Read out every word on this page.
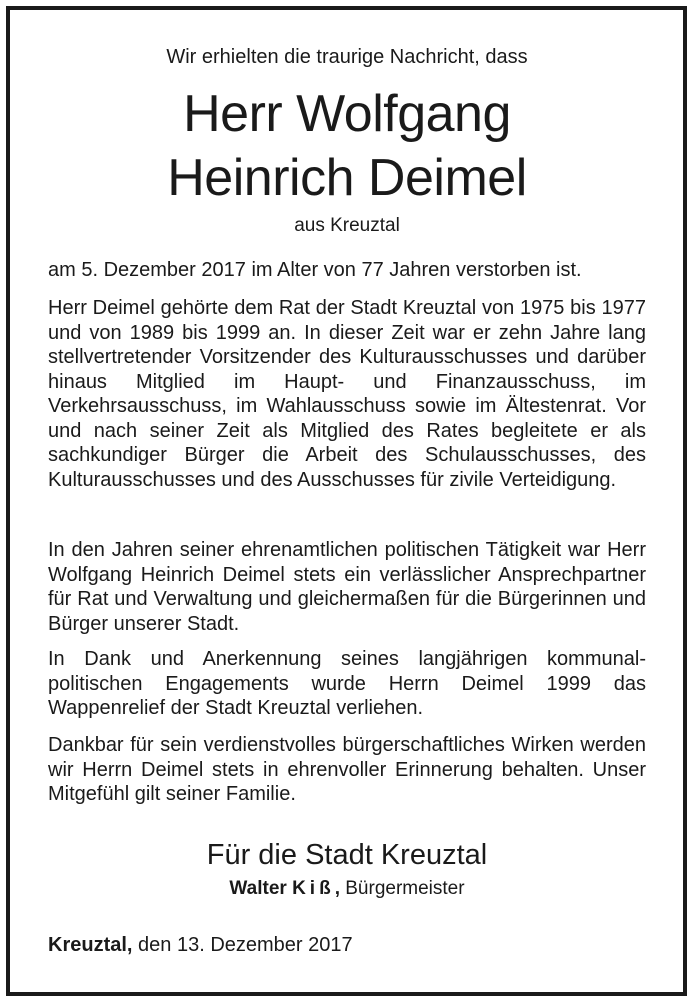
Wir erhielten die traurige Nachricht, dass
Herr Wolfgang
Heinrich Deimel
aus Kreuztal

am 5. Dezember 2017 im Alter von 77 Jahren verstorben ist.

Herr Deimel gehörte dem Rat der Stadt Kreuztal von 1975 bis 1977 und von 1989 bis 1999 an. In dieser Zeit war er zehn Jahre lang stellvertretender Vorsitzender des Kulturausschusses und darüber hinaus Mitglied im Haupt- und Finanzausschuss, im Verkehrsausschuss, im Wahlausschuss sowie im Ältestenrat. Vor und nach seiner Zeit als Mitglied des Rates begleitete er als sachkundiger Bürger die Arbeit des Schulausschusses, des Kulturausschusses und des Ausschusses für zivile Verteidigung.

In den Jahren seiner ehrenamtlichen politischen Tätigkeit war Herr Wolfgang Heinrich Deimel stets ein verlässlicher Ansprechpartner für Rat und Verwaltung und gleichermaßen für die Bürgerinnen und Bürger unserer Stadt.

In Dank und Anerkennung seines langjährigen kommunalpolitischen Engagements wurde Herrn Deimel 1999 das Wappenrelief der Stadt Kreuztal verliehen.

Dankbar für sein verdienstvolles bürgerschaftliches Wirken werden wir Herrn Deimel stets in ehrenvoller Erinnerung behalten. Unser Mitgefühl gilt seiner Familie.

Für die Stadt Kreuztal
Walter Kiß, Bürgermeister
Kreuztal, den 13. Dezember 2017
